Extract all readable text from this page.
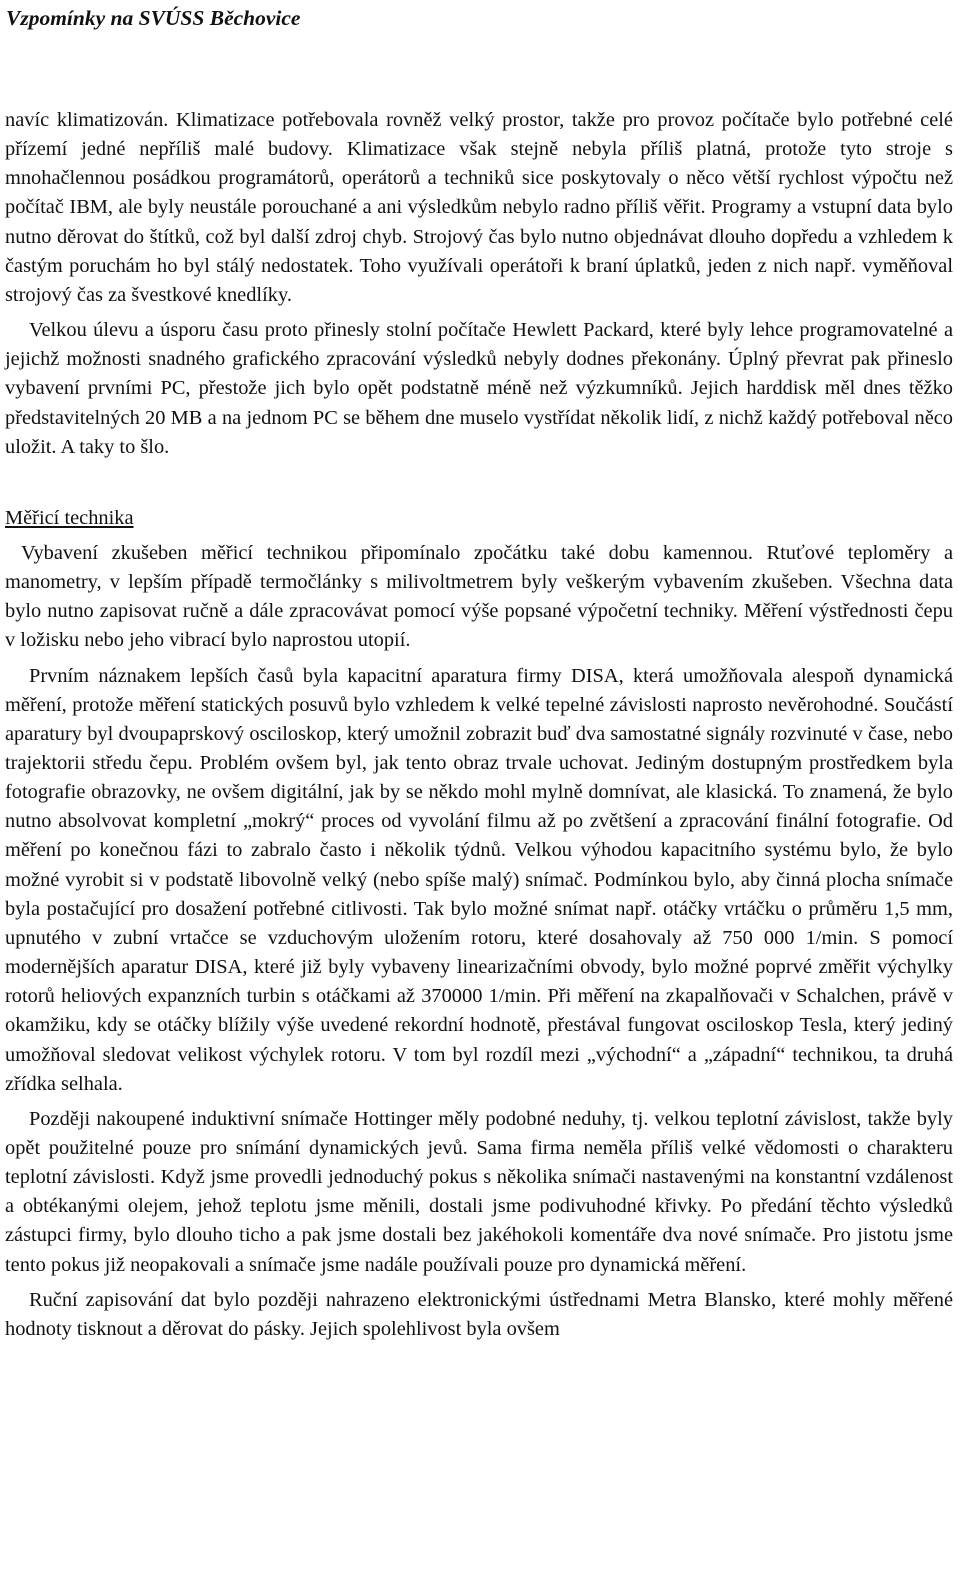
Vzpomínky na SVÚSS Běchovice

navíc klimatizován. Klimatizace potřebovala rovněž velký prostor, takže pro provoz počítače bylo potřebné celé přízemí jedné nepříliš malé budovy. Klimatizace však stejně nebyla příliš platná, protože tyto stroje s mnohačlennou posádkou programátorů, operátorů a techniků sice poskytovaly o něco větší rychlost výpočtu než počítač IBM, ale byly neustále porouchané a ani výsledkům nebylo radno příliš věřit. Programy a vstupní data bylo nutno děrovat do štítků, což byl další zdroj chyb. Strojový čas bylo nutno objednávat dlouho dopředu a vzhledem k častým poruchám ho byl stálý nedostatek. Toho využívali operátoři k braní úplatků, jeden z nich např. vyměňoval strojový čas za švestkové knedlíky.

Velkou úlevu a úsporu času proto přinesly stolní počítače Hewlett Packard, které byly lehce programovatelné a jejichž možnosti snadného grafického zpracování výsledků nebyly dodnes překonány. Úplný převrat pak přineslo vybavení prvními PC, přestože jich bylo opět podstatně méně než výzkumníků. Jejich harddisk měl dnes těžko představitelných 20 MB a na jednom PC se během dne muselo vystřídat několik lidí, z nichž každý potřeboval něco uložit. A taky to šlo.

Měřicí technika

Vybavení zkušeben měřicí technikou připomínalo zpočátku také dobu kamennou. Rtuťové teploměry a manometry, v lepším případě termočlánky s milivoltmetrem byly veškerým vybavením zkušeben. Všechna data bylo nutno zapisovat ručně a dále zpracovávat pomocí výše popsané výpočetní techniky. Měření výstřednosti čepu v ložisku nebo jeho vibrací bylo naprostou utopií.

Prvním náznakem lepších časů byla kapacitní aparatura firmy DISA, která umožňovala alespoň dynamická měření, protože měření statických posuvů bylo vzhledem k velké tepelné závislosti naprosto nevěrohodné. Součástí aparatury byl dvoupaprskový osciloskop, který umožnil zobrazit buď dva samostatné signály rozvinuté v čase, nebo trajektorii středu čepu. Problém ovšem byl, jak tento obraz trvale uchovat. Jediným dostupným prostředkem byla fotografie obrazovky, ne ovšem digitální, jak by se někdo mohl mylně domnívat, ale klasická. To znamená, že bylo nutno absolvovat kompletní „mokrý“ proces od vyvolání filmu až po zvětšení a zpracování finální fotografie. Od měření po konečnou fázi to zabralo často i několik týdnů. Velkou výhodou kapacitního systému bylo, že bylo možné vyrobit si v podstatě libovolně velký (nebo spíše malý) snímač. Podmínkou bylo, aby činná plocha snímače byla postačující pro dosažení potřebné citlivosti. Tak bylo možné snímat např. otáčky vrtáčku o průměru 1,5 mm, upnutého v zubní vrtačce se vzduchovým uložením rotoru, které dosahovaly až 750 000 1/min. S pomocí modernějších aparatur DISA, které již byly vybaveny linearizačními obvody, bylo možné poprvé změřit výchylky rotorů heliových expanzních turbin s otáčkami až 370000 1/min. Při měření na zkapalňovači v Schalchen, právě v okamžiku, kdy se otáčky blížily výše uvedené rekordní hodnotě, přestával fungovat osciloskop Tesla, který jediný umožňoval sledovat velikost výchylek rotoru. V tom byl rozdíl mezi „východní“ a „západní“ technikou, ta druhá zřídka selhala.

Později nakoupené induktivní snímače Hottinger měly podobné neduhy, tj. velkou teplotní závislost, takže byly opět použitelné pouze pro snímání dynamických jevů. Sama firma neměla příliš velké vědomosti o charakteru teplotní závislosti. Když jsme provedli jednoduchý pokus s několika snímači nastavenými na konstantní vzdálenost a obtékanými olejem, jehož teplotu jsme měnili, dostali jsme podivuhodné křivky. Po předání těchto výsledků zástupci firmy, bylo dlouho ticho a pak jsme dostali bez jakéhokoli komentáře dva nové snímače. Pro jistotu jsme tento pokus již neopakovali a snímače jsme nadále používali pouze pro dynamická měření.

Ruční zapisování dat bylo později nahrazeno elektronickými ústřednami Metra Blansko, které mohly měřené hodnoty tisknout a děrovat do pásky. Jejich spolehlivost byla ovšem
